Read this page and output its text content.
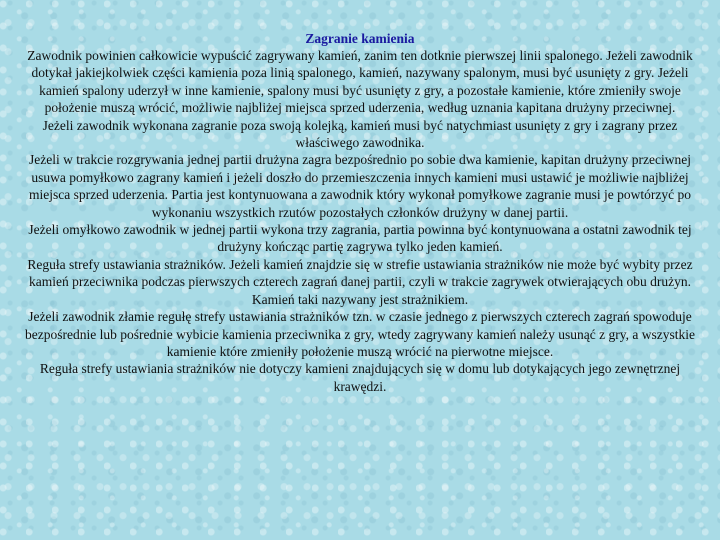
Zagranie kamienia

Zawodnik powinien całkowicie wypuścić zagrywany kamień, zanim ten dotknie pierwszej linii spalonego. Jeżeli zawodnik dotykał jakiejkolwiek części kamienia poza linią spalonego, kamień, nazywany spalonym, musi być usunięty z gry. Jeżeli kamień spalony uderzył w inne kamienie, spalony musi być usunięty z gry, a pozostałe kamienie, które zmieniły swoje położenie muszą wrócić, możliwie najbliżej miejsca sprzed uderzenia, według uznania kapitana drużyny przeciwnej.

Jeżeli zawodnik wykonana zagranie poza swoją kolejką, kamień musi być natychmiast usunięty z gry i zagrany przez właściwego zawodnika.

Jeżeli w trakcie rozgrywania jednej partii drużyna zagra bezpośrednio po sobie dwa kamienie, kapitan drużyny przeciwnej usuwa pomyłkowo zagrany kamień i jeżeli doszło do przemieszczenia innych kamieni musi ustawić je możliwie najbliżej miejsca sprzed uderzenia. Partia jest kontynuowana a zawodnik który wykonał pomyłkowe zagranie musi je powtórzyć po wykonaniu wszystkich rzutów pozostałych członków drużyny w danej partii.

Jeżeli omyłkowo zawodnik w jednej partii wykona trzy zagrania, partia powinna być kontynuowana a ostatni zawodnik tej drużyny kończąc partię zagrywa tylko jeden kamień.

Reguła strefy ustawiania strażników. Jeżeli kamień znajdzie się w strefie ustawiania strażników nie może być wybity przez kamień przeciwnika podczas pierwszych czterech zagrań danej partii, czyli w trakcie zagrywek otwierających obu drużyn. Kamień taki nazywany jest strażnikiem.

Jeżeli zawodnik złamie regułę strefy ustawiania strażników tzn. w czasie jednego z pierwszych czterech zagrań spowoduje bezpośrednie lub pośrednie wybicie kamienia przeciwnika z gry, wtedy zagrywany kamień należy usunąć z gry, a wszystkie kamienie które zmieniły położenie muszą wrócić na pierwotne miejsce.

Reguła strefy ustawiania strażników nie dotyczy kamieni znajdujących się w domu lub dotykających jego zewnętrznej krawędzi.
